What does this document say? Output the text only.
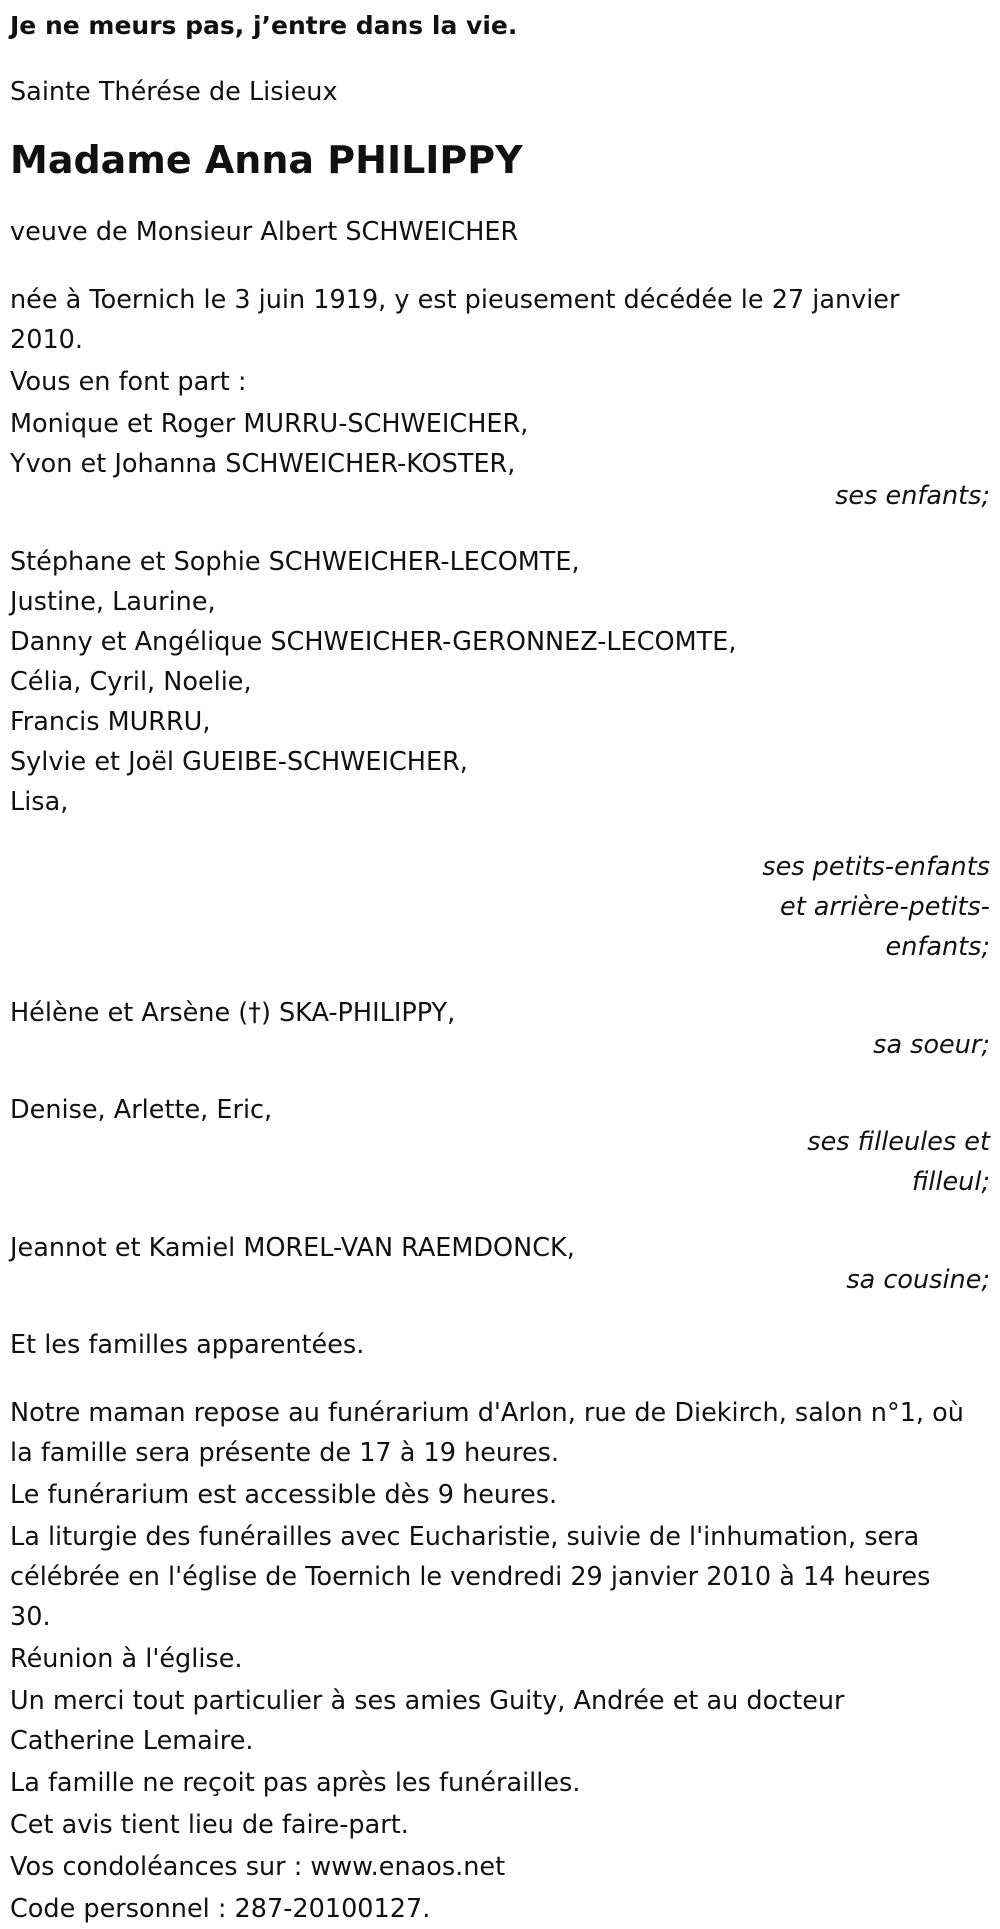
Je ne meurs pas, j’entre dans la vie.

Sainte Thérése de Lisieux

Madame Anna PHILIPPY

veuve de Monsieur Albert SCHWEICHER

née à Toernich le 3 juin 1919, y est pieusement décédée le 27 janvier 2010.

Vous en font part :

Monique et Roger MURRU-SCHWEICHER,

Yvon et Johanna SCHWEICHER-KOSTER,

ses enfants;

Stéphane et Sophie SCHWEICHER-LECOMTE,

Justine, Laurine,

Danny et Angélique SCHWEICHER-GERONNEZ-LECOMTE,

Célia, Cyril, Noelie,

Francis MURRU,

Sylvie et Joël GUEIBE-SCHWEICHER,

Lisa,

ses petits-enfants et arrière-petits-enfants;

Hélène et Arsène (†) SKA-PHILIPPY,

sa soeur;

Denise, Arlette, Eric,

ses filleules et filleul;

Jeannot et Kamiel MOREL-VAN RAEMDONCK,

sa cousine;

Et les familles apparentées.

Notre maman repose au funérarium d'Arlon, rue de Diekirch, salon n°1, où la famille sera présente de 17 à 19 heures.

Le funérarium est accessible dès 9 heures.

La liturgie des funérailles avec Eucharistie, suivie de l'inhumation, sera célébrée en l'église de Toernich le vendredi 29 janvier 2010 à 14 heures 30.

Réunion à l'église.

Un merci tout particulier à ses amies Guity, Andrée et au docteur Catherine Lemaire.

La famille ne reçoit pas après les funérailles.

Cet avis tient lieu de faire-part.

Vos condoléances sur : www.enaos.net

Code personnel : 287-20100127.
